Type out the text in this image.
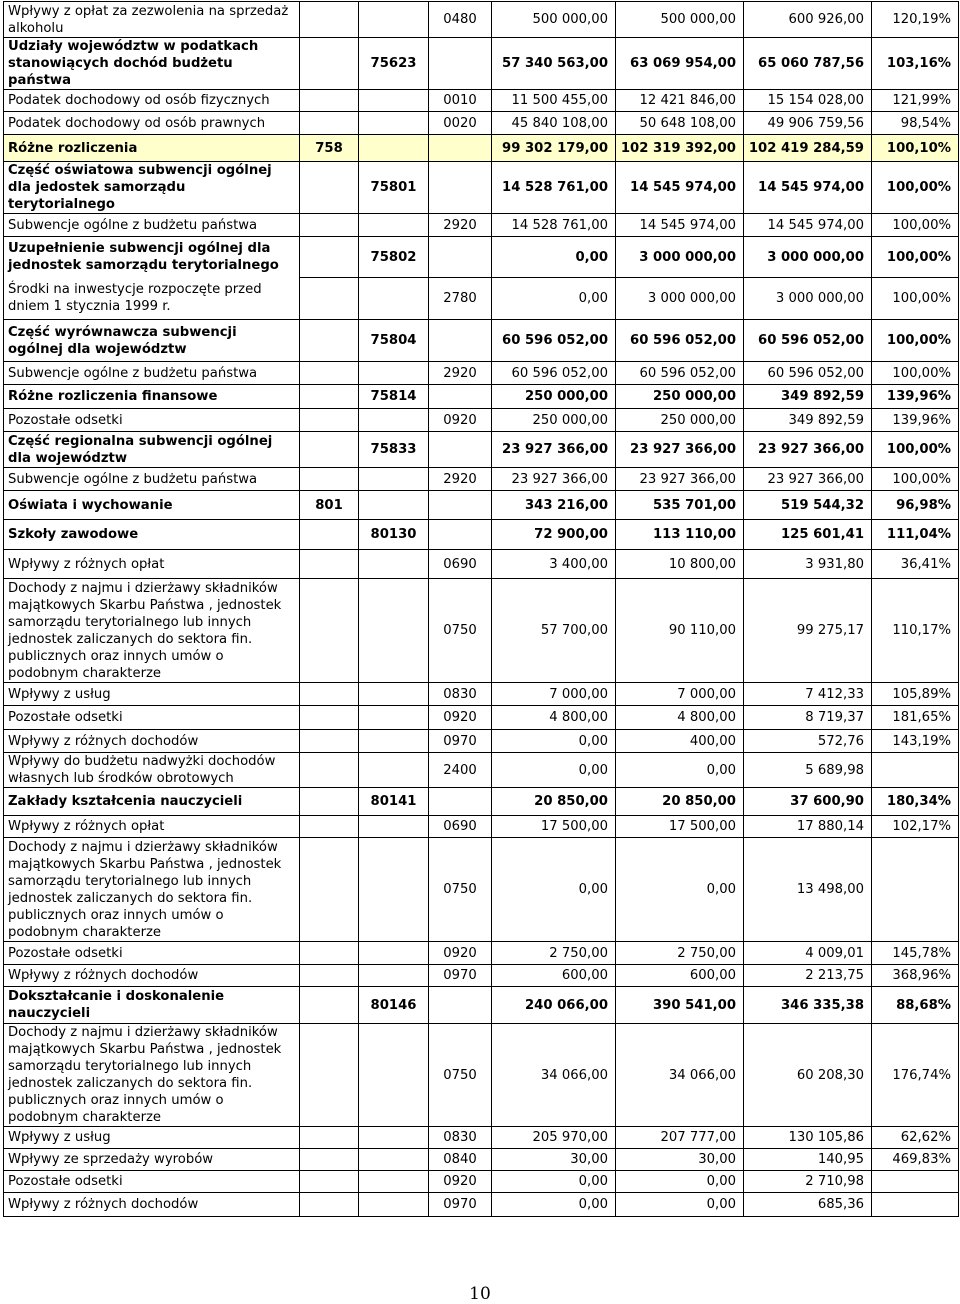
Wpływy z opłat za zezwolenia na sprzedaż alkoholu			0480	500 000,00	500 000,00	600 926,00	120,19%
Udziały województw w podatkach stanowiących dochód budżetu państwa		75623		57 340 563,00	63 069 954,00	65 060 787,56	103,16%
Podatek dochodowy od osób fizycznych			0010	11 500 455,00	12 421 846,00	15 154 028,00	121,99%
Podatek dochodowy od osób prawnych			0020	45 840 108,00	50 648 108,00	49 906 759,56	98,54%
Różne rozliczenia	758			99 302 179,00	102 319 392,00	102 419 284,59	100,10%
Część oświatowa subwencji ogólnej dla jedostek samorządu terytorialnego		75801		14 528 761,00	14 545 974,00	14 545 974,00	100,00%
Subwencje ogólne z budżetu państwa			2920	14 528 761,00	14 545 974,00	14 545 974,00	100,00%
Uzupełnienie subwencji ogólnej dla jednostek samorządu terytorialnego		75802		0,00	3 000 000,00	3 000 000,00	100,00%
Środki na inwestycje rozpoczęte przed dniem 1 stycznia 1999 r.			2780	0,00	3 000 000,00	3 000 000,00	100,00%
Część wyrównawcza subwencji ogólnej dla województw		75804		60 596 052,00	60 596 052,00	60 596 052,00	100,00%
Subwencje ogólne z budżetu państwa			2920	60 596 052,00	60 596 052,00	60 596 052,00	100,00%
Różne rozliczenia finansowe		75814		250 000,00	250 000,00	349 892,59	139,96%
Pozostałe odsetki			0920	250 000,00	250 000,00	349 892,59	139,96%
Część regionalna subwencji ogólnej dla województw		75833		23 927 366,00	23 927 366,00	23 927 366,00	100,00%
Subwencje ogólne z budżetu państwa			2920	23 927 366,00	23 927 366,00	23 927 366,00	100,00%
Oświata i wychowanie	801			343 216,00	535 701,00	519 544,32	96,98%
Szkoły zawodowe		80130		72 900,00	113 110,00	125 601,41	111,04%
Wpływy z różnych opłat			0690	3 400,00	10 800,00	3 931,80	36,41%
Dochody z najmu i dzierżawy składników majątkowych Skarbu Państwa , jednostek samorządu terytorialnego lub innych jednostek zaliczanych do sektora fin. publicznych oraz innych umów o podobnym charakterze			0750	57 700,00	90 110,00	99 275,17	110,17%
Wpływy z usług			0830	7 000,00	7 000,00	7 412,33	105,89%
Pozostałe odsetki			0920	4 800,00	4 800,00	8 719,37	181,65%
Wpływy z różnych dochodów			0970	0,00	400,00	572,76	143,19%
Wpływy do budżetu nadwyżki dochodów własnych lub środków obrotowych			2400	0,00	0,00	5 689,98	
Zakłady kształcenia nauczycieli		80141		20 850,00	20 850,00	37 600,90	180,34%
Wpływy z różnych opłat			0690	17 500,00	17 500,00	17 880,14	102,17%
Dochody z najmu i dzierżawy składników majątkowych Skarbu Państwa , jednostek samorządu terytorialnego lub innych jednostek zaliczanych do sektora fin. publicznych oraz innych umów o podobnym charakterze			0750	0,00	0,00	13 498,00	
Pozostałe odsetki			0920	2 750,00	2 750,00	4 009,01	145,78%
Wpływy z różnych dochodów			0970	600,00	600,00	2 213,75	368,96%
Dokształcanie i doskonalenie nauczycieli		80146		240 066,00	390 541,00	346 335,38	88,68%
Dochody z najmu i dzierżawy składników majątkowych Skarbu Państwa , jednostek samorządu terytorialnego lub innych jednostek zaliczanych do sektora fin. publicznych oraz innych umów o podobnym charakterze			0750	34 066,00	34 066,00	60 208,30	176,74%
Wpływy z usług			0830	205 970,00	207 777,00	130 105,86	62,62%
Wpływy ze sprzedaży wyrobów			0840	30,00	30,00	140,95	469,83%
Pozostałe odsetki			0920	0,00	0,00	2 710,98	
Wpływy z różnych dochodów			0970	0,00	0,00	685,36	
10
